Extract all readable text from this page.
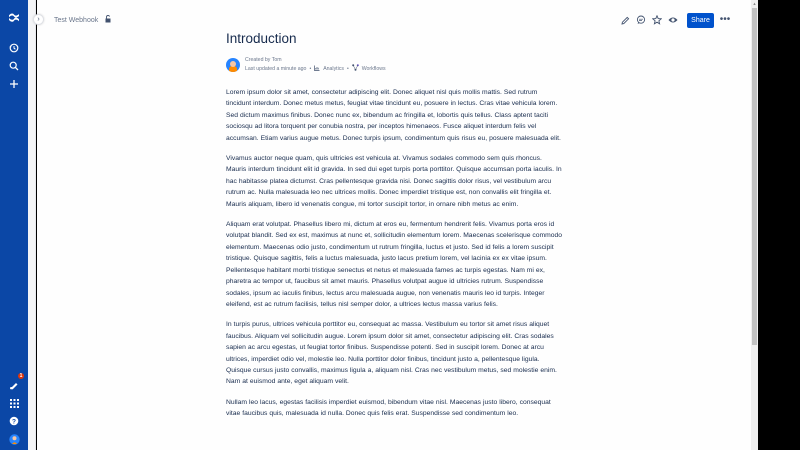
1
?
› Test Webhook	Share •••
Introduction
Created by Tom
Last updated a minute ago • Analytics •	Workflows

Lorem ipsum dolor sit amet, consectetur adipiscing elit. Donec aliquet nisl quis mollis mattis. Sed rutrum tincidunt interdum. Donec metus metus, feugiat vitae tincidunt eu, posuere in lectus. Cras vitae vehicula lorem. Sed dictum maximus finibus. Donec nunc ex, bibendum ac fringilla et, lobortis quis tellus. Class aptent taciti sociosqu ad litora torquent per conubia nostra, per inceptos himenaeos. Fusce aliquet interdum felis vel accumsan. Etiam varius augue metus. Donec turpis ipsum, condimentum quis risus eu, posuere malesuada elit.

Vivamus auctor neque quam, quis ultricies est vehicula at. Vivamus sodales commodo sem quis rhoncus. Mauris interdum tincidunt elit id gravida. In sed dui eget turpis porta porttitor. Quisque accumsan porta iaculis. In hac habitasse platea dictumst. Cras pellentesque gravida nisi. Donec sagittis dolor risus, vel vestibulum arcu rutrum ac. Nulla malesuada leo nec ultrices mollis. Donec imperdiet tristique est, non convallis elit fringilla et. Mauris aliquam, libero id venenatis congue, mi tortor suscipit tortor, in ornare nibh metus ac enim.

Aliquam erat volutpat. Phasellus libero mi, dictum at eros eu, fermentum hendrerit felis. Vivamus porta eros id volutpat blandit. Sed ex est, maximus at nunc et, sollicitudin elementum lorem. Maecenas scelerisque commodo elementum. Maecenas odio justo, condimentum ut rutrum fringilla, luctus et justo. Sed id felis a lorem suscipit tristique. Quisque sagittis, felis a luctus malesuada, justo lacus pretium lorem, vel lacinia ex ex vitae ipsum. Pellentesque habitant morbi tristique senectus et netus et malesuada fames ac turpis egestas. Nam mi ex, pharetra ac tempor ut, faucibus sit amet mauris. Phasellus volutpat augue id ultricies rutrum. Suspendisse sodales, ipsum ac iaculis finibus, lectus arcu malesuada augue, non venenatis mauris leo id turpis. Integer eleifend, est ac rutrum facilisis, tellus nisl semper dolor, a ultrices lectus massa varius felis.

In turpis purus, ultrices vehicula porttitor eu, consequat ac massa. Vestibulum eu tortor sit amet risus aliquet faucibus. Aliquam vel sollicitudin augue. Lorem ipsum dolor sit amet, consectetur adipiscing elit. Cras sodales sapien ac arcu egestas, ut feugiat tortor finibus. Suspendisse potenti. Sed in suscipit lorem. Donec at arcu ultrices, imperdiet odio vel, molestie leo. Nulla porttitor dolor finibus, tincidunt justo a, pellentesque ligula. Quisque cursus justo convallis, maximus ligula a, aliquam nisl. Cras nec vestibulum metus, sed molestie enim. Nam at euismod ante, eget aliquam velit.

Nullam leo lacus, egestas facilisis imperdiet euismod, bibendum vitae nisl. Maecenas justo libero, consequat vitae faucibus quis, malesuada id nulla. Donec quis felis erat. Suspendisse sed condimentum leo.

▲
